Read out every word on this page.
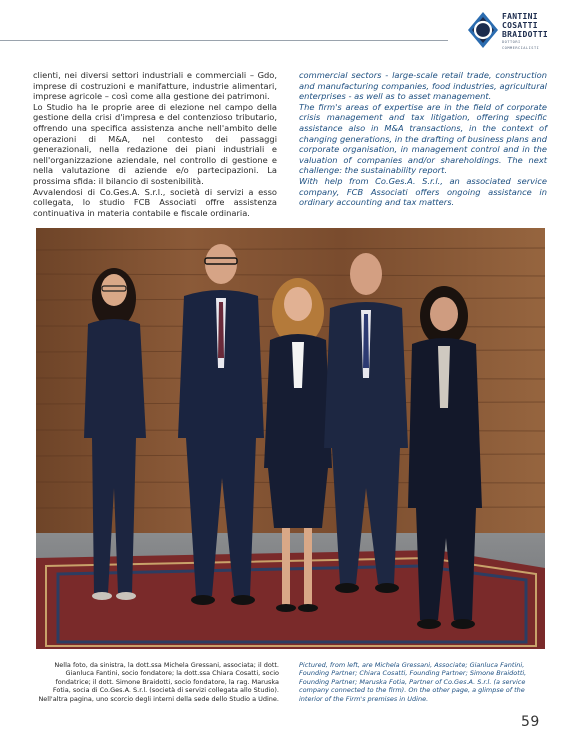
FANTINI
COSATTI
BRAIDOTTI
DOTTORI
COMMERCIALISTI

clienti, nei diversi settori industriali e commerciali – Gdo, imprese di costruzioni e manifatture, industrie alimentari, imprese agricole – così come alla gestione dei patrimoni.

Lo Studio ha le proprie aree di elezione nel campo della gestione della crisi d'impresa e del contenzioso tributario, offrendo una specifica assistenza anche nell'ambito delle operazioni di M&A, nel contesto dei passaggi generazionali, nella redazione dei piani industriali e nell'organizzazione aziendale, nel controllo di gestione e nella valutazione di aziende e/o partecipazioni. La prossima sfida: il bilancio di sostenibilità.

Avvalendosi di Co.Ges.A. S.r.l., società di servizi a esso collegata, lo studio FCB Associati offre assistenza continuativa in materia contabile e fiscale ordinaria.

commercial sectors - large-scale retail trade, construction and manufacturing companies, food industries, agricultural enterprises - as well as to asset management.

The firm's areas of expertise are in the field of corporate crisis management and tax litigation, offering specific assistance also in M&A transactions, in the context of changing generations, in the drafting of business plans and corporate organisation, in management control and in the valuation of companies and/or shareholdings. The next challenge: the sustainability report.

With help from Co.Ges.A. S.r.l., an associated service company, FCB Associati offers ongoing assistance in ordinary accounting and tax matters.

Nella foto, da sinistra, la dott.ssa Michela Gressani, associata; il dott. Gianluca Fantini, socio fondatore; la dott.ssa Chiara Cosatti, socio fondatrice; il dott. Simone Braidotti, socio fondatore, la rag. Maruska Fotia, socia di Co.Ges.A. S.r.l. (società di servizi collegata allo Studio). Nell'altra pagina, uno scorcio degli interni della sede dello Studio a Udine.
Pictured, from left, are Michela Gressani, Associate; Gianluca Fantini, Founding Partner; Chiara Cosatti, Founding Partner; Simone Braidotti, Founding Partner; Maruska Fotia, Partner of Co.Ges.A. S.r.l. (a service company connected to the firm). On the other page, a glimpse of the interior of the Firm's premises in Udine.
59
